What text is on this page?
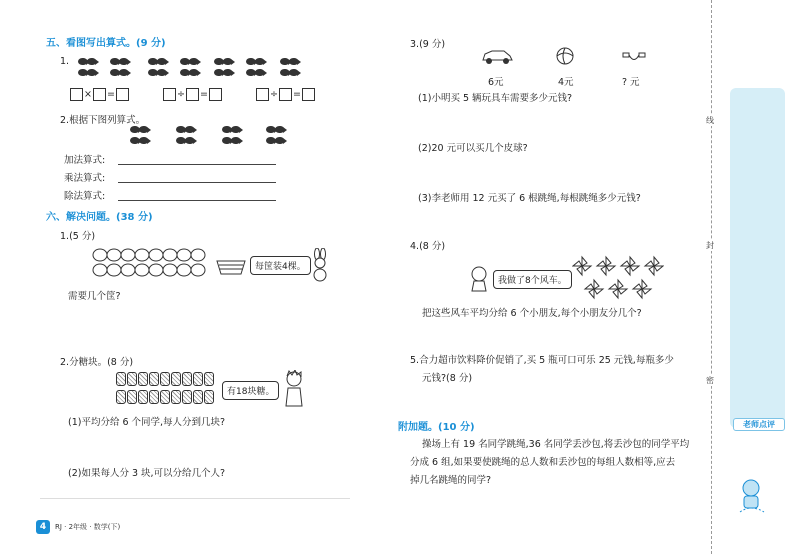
五、看图写出算式。(9 分)
1.

× =	÷ =	÷ =
2.根据下图列算式。

加法算式:
乘法算式:
除法算式:
六、解决问题。(38 分)
1.(5 分)
每筐装4棵。
需要几个筐?
2.分糖块。(8 分)

有18块糖。
(1)平均分给 6 个同学,每人分到几块?
(2)如果每人分 3 块,可以分给几个人?
3.(9 分)
6元	4元	? 元
(1)小明买 5 辆玩具车需要多少元钱?
(2)20 元可以买几个皮球?
(3)李老师用 12 元买了 6 根跳绳,每根跳绳多少元钱?
4.(8 分)
我做了8个风车。
把这些风车平均分给 6 个小朋友,每个小朋友分几个?
5.合力超市饮料降价促销了,买 5 瓶可口可乐 25 元钱,每瓶多少
元钱?(8 分)
附加题。(10 分)
操场上有 19 名同学跳绳,36 名同学丢沙包,将丢沙包的同学平均
分成 6 组,如果要使跳绳的总人数和丢沙包的每组人数相等,应去
掉几名跳绳的同学?
4	RJ · 2年级 · 数学(下)
线
封
密
老师点评
